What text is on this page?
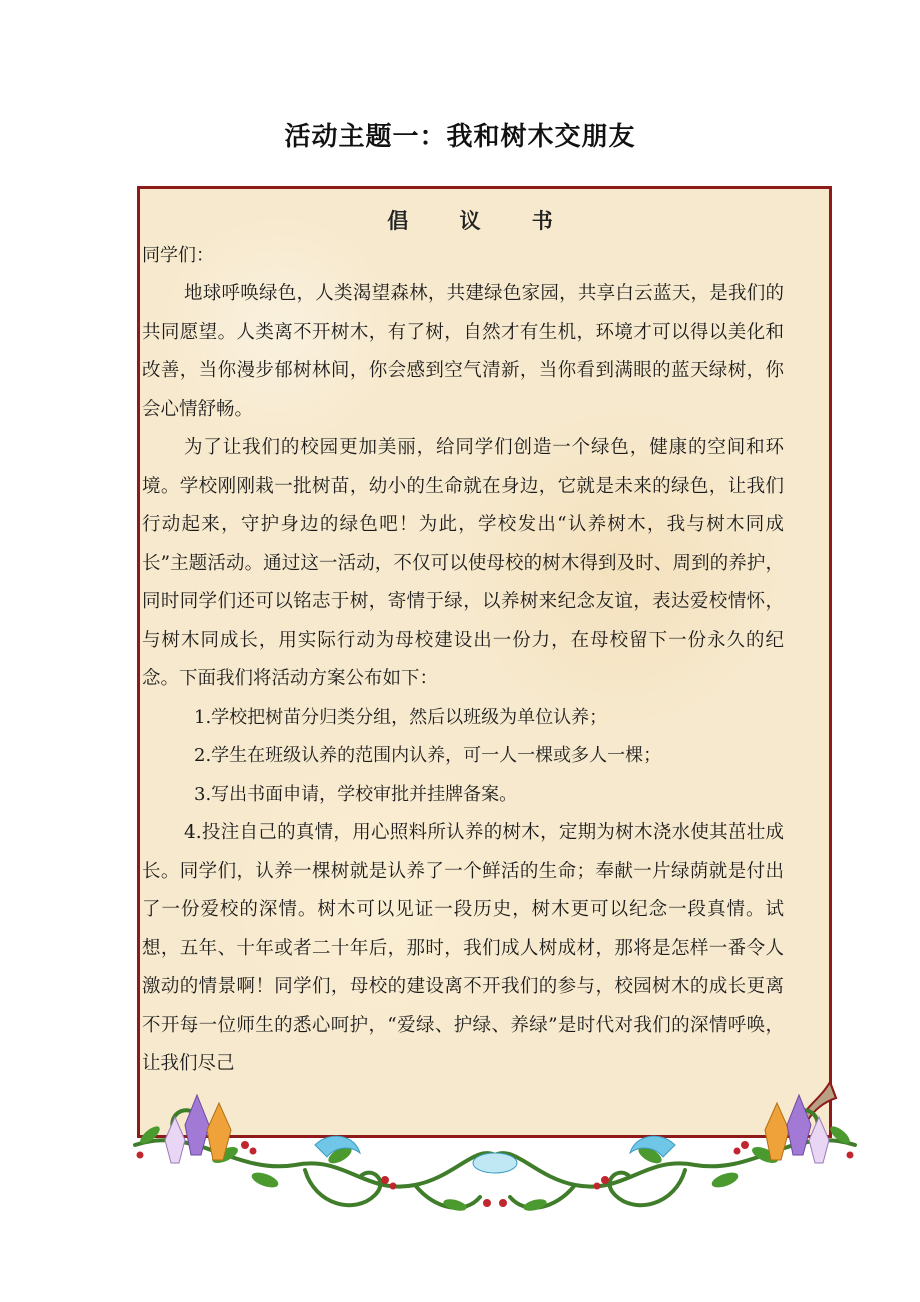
活动主题一：我和树木交朋友
倡 议 书
同学们：

地球呼唤绿色，人类渴望森林，共建绿色家园，共享白云蓝天，是我们的共同愿望。人类离不开树木，有了树，自然才有生机，环境才可以得以美化和改善，当你漫步郁树林间，你会感到空气清新，当你看到满眼的蓝天绿树，你会心情舒畅。

为了让我们的校园更加美丽，给同学们创造一个绿色，健康的空间和环境。学校刚刚栽一批树苗，幼小的生命就在身边，它就是未来的绿色，让我们行动起来，守护身边的绿色吧！为此，学校发出“认养树木，我与树木同成长”主题活动。通过这一活动，不仅可以使母校的树木得到及时、周到的养护，同时同学们还可以铭志于树，寄情于绿，以养树来纪念友谊，表达爱校情怀，与树木同成长，用实际行动为母校建设出一份力，在母校留下一份永久的纪念。下面我们将活动方案公布如下：

1.学校把树苗分归类分组，然后以班级为单位认养；

2.学生在班级认养的范围内认养，可一人一棵或多人一棵；

3.写出书面申请，学校审批并挂牌备案。

4.投注自己的真情，用心照料所认养的树木，定期为树木浇水使其茁壮成长。同学们，认养一棵树就是认养了一个鲜活的生命；奉献一片绿荫就是付出了一份爱校的深情。树木可以见证一段历史，树木更可以纪念一段真情。试想，五年、十年或者二十年后，那时，我们成人树成材，那将是怎样一番令人激动的情景啊！同学们，母校的建设离不开我们的参与，校园树木的成长更离不开每一位师生的悉心呵护，“爱绿、护绿、养绿”是时代对我们的深情呼唤，让我们尽己
